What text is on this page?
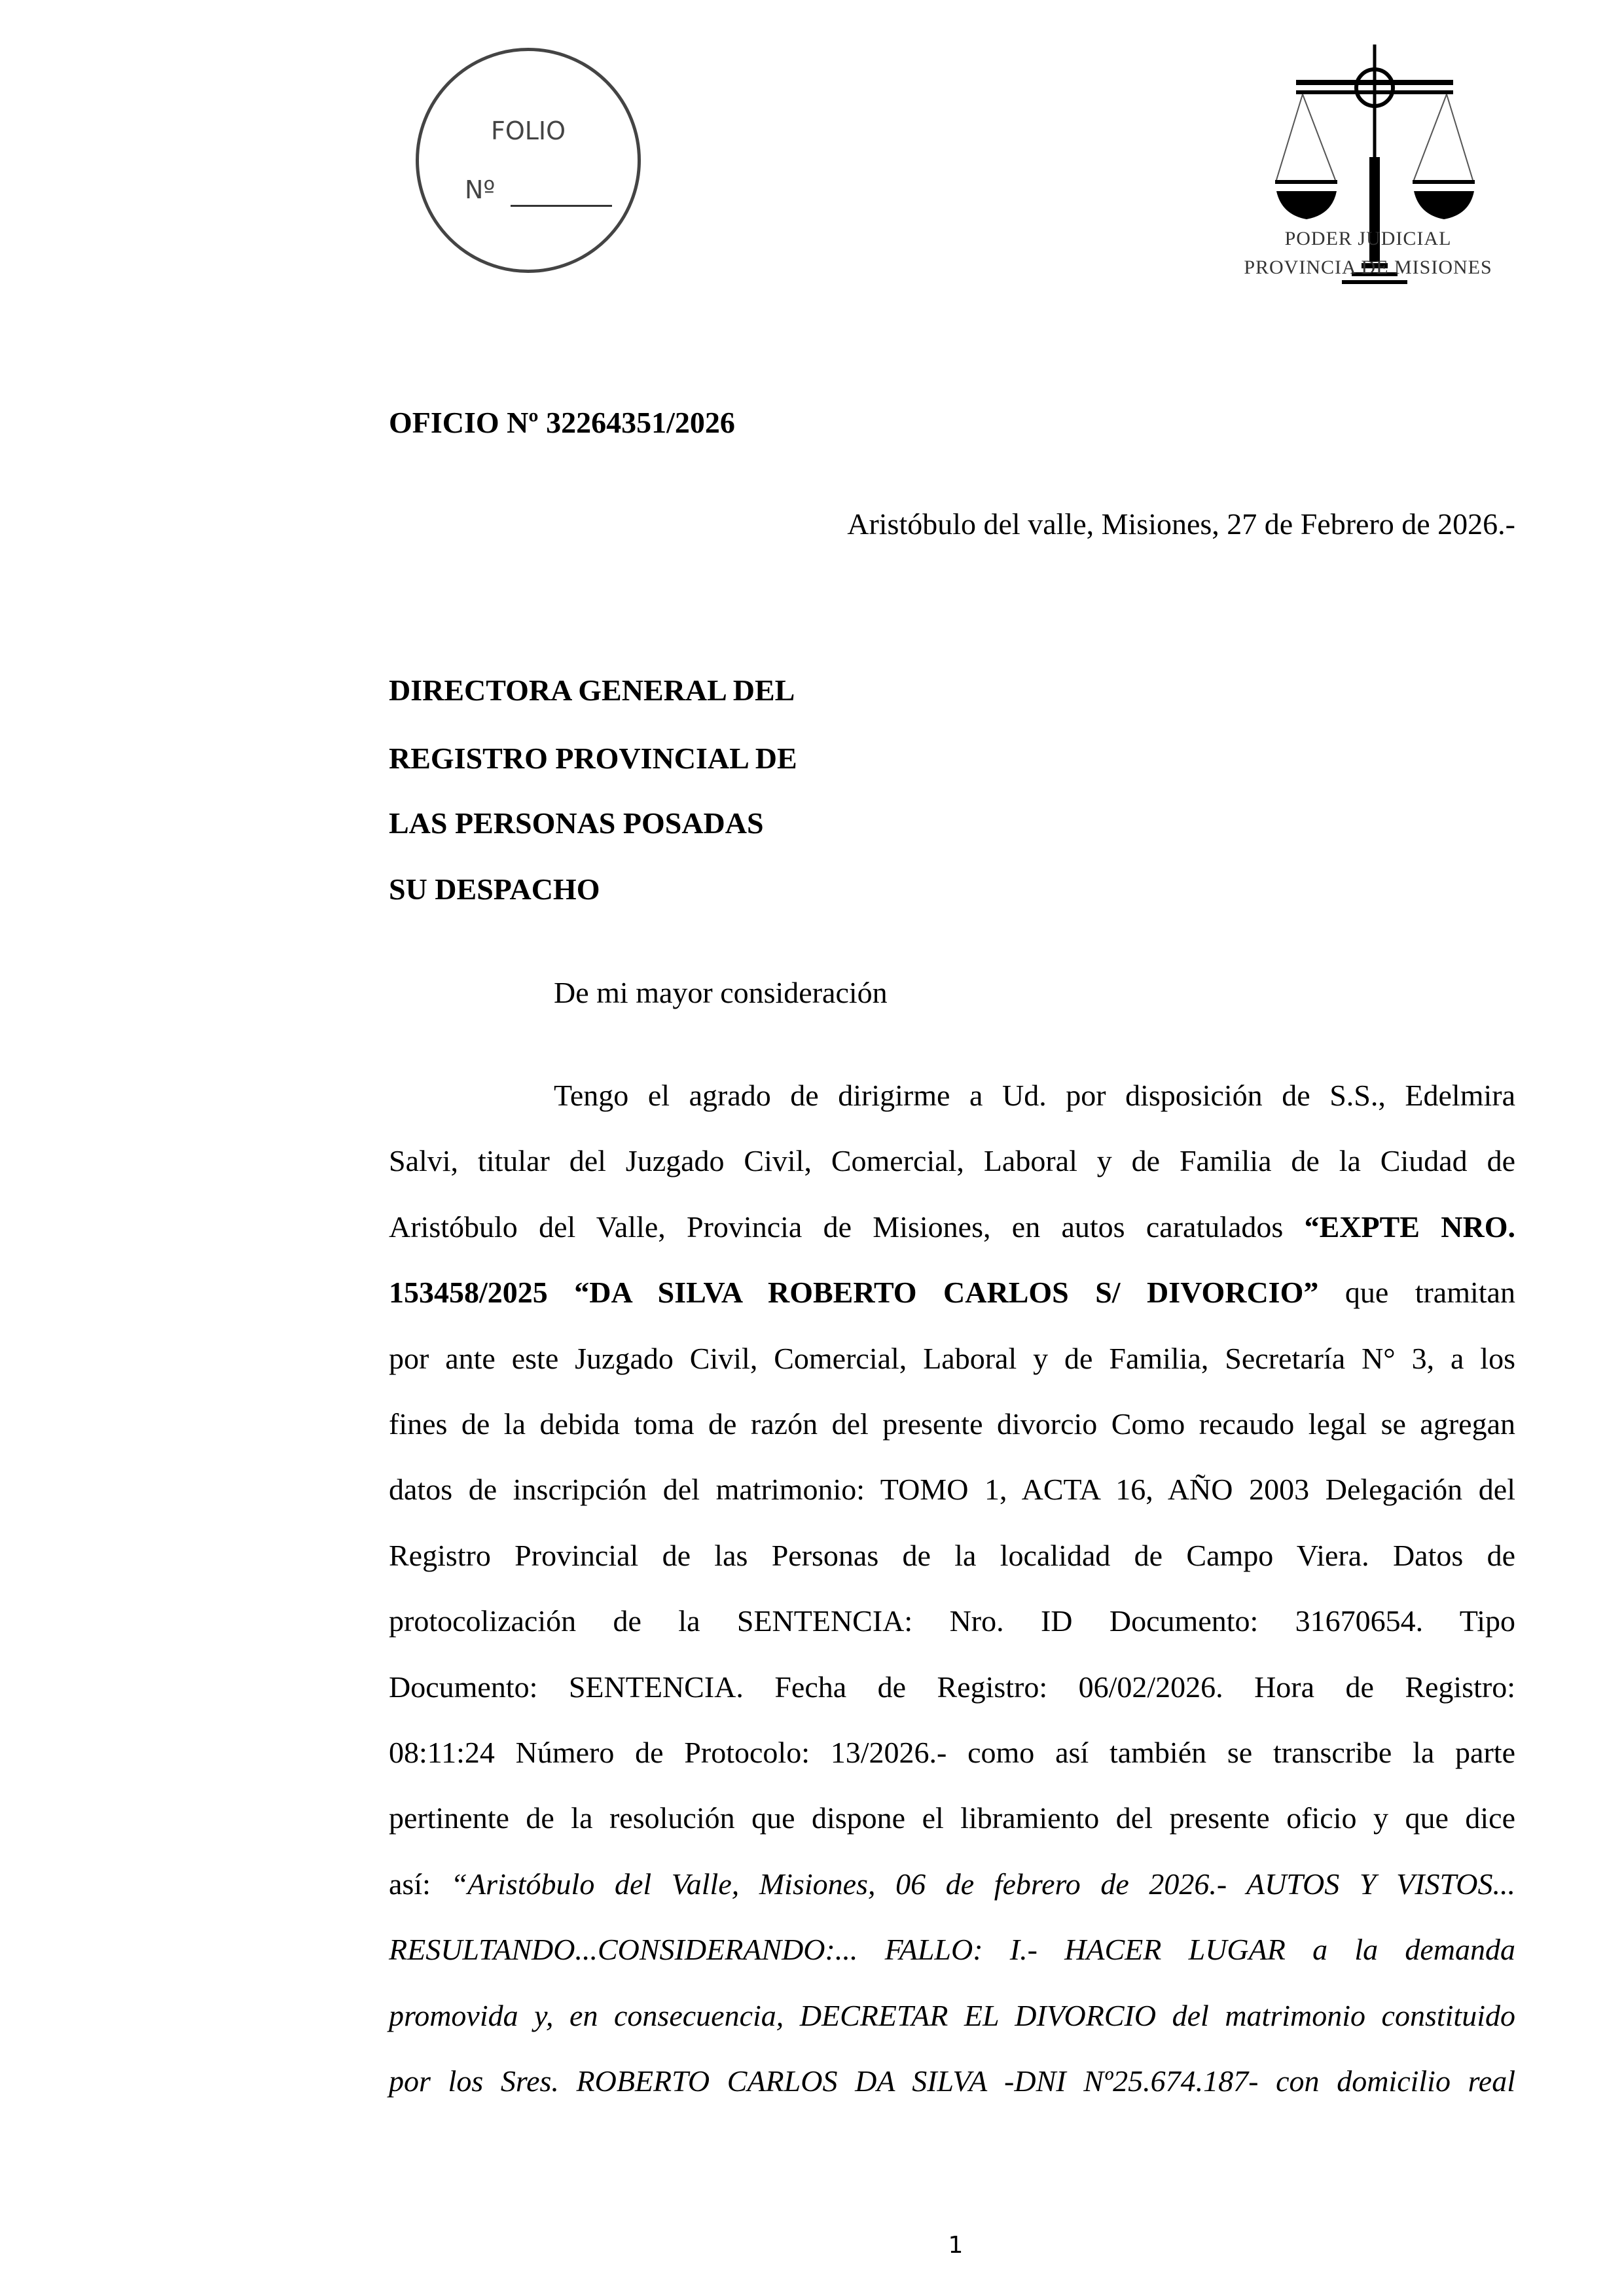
FOLIO
Nº
PODER JUDICIAL
PROVINCIA DE MISIONES
OFICIO Nº 32264351/2026
Aristóbulo del valle, Misiones, 27 de Febrero de 2026.-
DIRECTORA GENERAL DEL
REGISTRO PROVINCIAL DE
LAS PERSONAS POSADAS
SU DESPACHO
De mi mayor consideración
Tengo el agrado de dirigirme a Ud. por disposición de S.S., Edelmira
Salvi, titular del Juzgado Civil, Comercial, Laboral y de Familia de la Ciudad de
Aristóbulo del Valle, Provincia de Misiones, en autos caratulados “EXPTE NRO.
153458/2025 “DA SILVA ROBERTO CARLOS S/ DIVORCIO” que tramitan
por ante este Juzgado Civil, Comercial, Laboral y de Familia, Secretaría N° 3, a los
fines de la debida toma de razón del presente divorcio Como recaudo legal se agregan
datos de inscripción del matrimonio: TOMO 1, ACTA 16, AÑO 2003 Delegación del
Registro Provincial de las Personas de la localidad de Campo Viera. Datos de
protocolización de la SENTENCIA: Nro. ID Documento: 31670654. Tipo
Documento: SENTENCIA. Fecha de Registro: 06/02/2026. Hora de Registro:
08:11:24 Número de Protocolo: 13/2026.- como así también se transcribe la parte
pertinente de la resolución que dispone el libramiento del presente oficio y que dice
así: “Aristóbulo del Valle, Misiones, 06 de febrero de 2026.- AUTOS Y VISTOS...
RESULTANDO...CONSIDERANDO:... FALLO: I.- HACER LUGAR a la demanda
promovida y, en consecuencia, DECRETAR EL DIVORCIO del matrimonio constituido
por los Sres. ROBERTO CARLOS DA SILVA -DNI Nº25.674.187- con domicilio real
1
